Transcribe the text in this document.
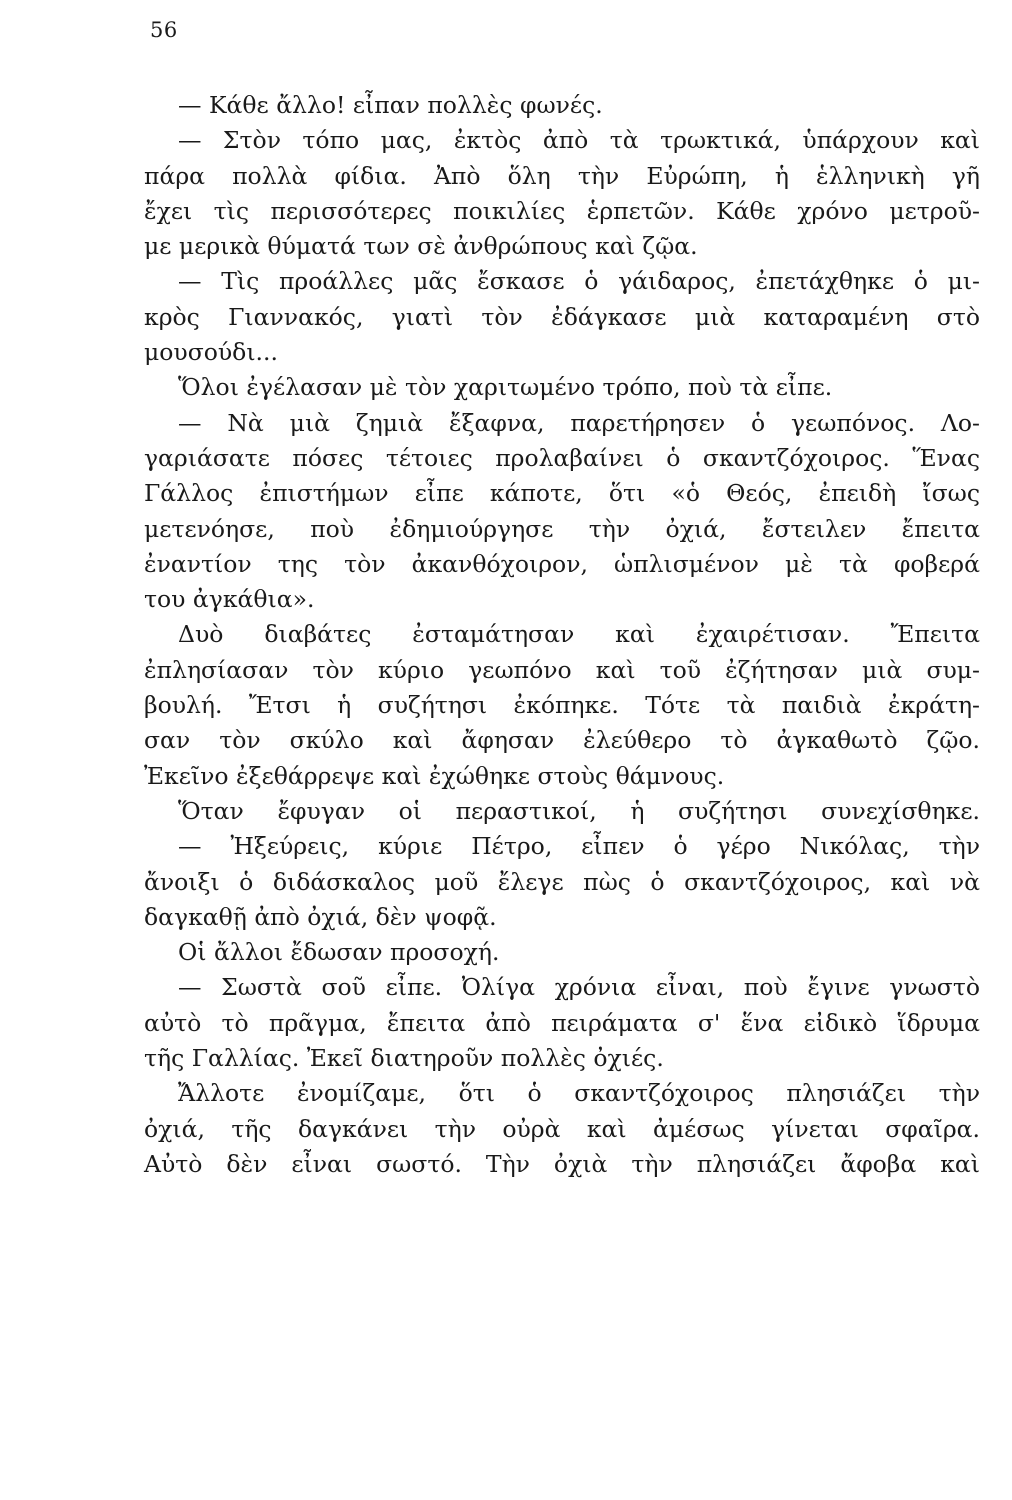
56
— Κάθε ἄλλο! εἶπαν πολλὲς φωνές.
— Στὸν τόπο μας, ἐκτὸς ἀπὸ τὰ τρωκτικά, ὑπάρχουν καὶ
πάρα πολλὰ φίδια. Ἀπὸ ὅλη τὴν Εὐρώπη, ἡ ἑλληνικὴ γῆ
ἔχει τὶς περισσότερες ποικιλίες ἑρπετῶν. Κάθε χρόνο μετροῦ-
με μερικὰ θύματά των σὲ ἀνθρώπους καὶ ζῷα.
— Τὶς προάλλες μᾶς ἔσκασε ὁ γάιδαρος, ἐπετάχθηκε ὁ μι-
κρὸς Γιαννακός, γιατὶ τὸν ἐδάγκασε μιὰ καταραμένη στὸ
μουσούδι...
Ὅλοι ἐγέλασαν μὲ τὸν χαριτωμένο τρόπο, ποὺ τὰ εἶπε.
— Νὰ μιὰ ζημιὰ ἔξαφνα, παρετήρησεν ὁ γεωπόνος. Λο-
γαριάσατε πόσες τέτοιες προλαβαίνει ὁ σκαντζόχοιρος. Ἕνας
Γάλλος ἐπιστήμων εἶπε κάποτε, ὅτι «ὁ Θεός, ἐπειδὴ ἴσως
μετενόησε, ποὺ ἐδημιούργησε τὴν ὀχιά, ἔστειλεν ἔπειτα
ἐναντίον της τὸν ἀκανθόχοιρον, ὡπλισμένον μὲ τὰ φοβερά
του ἀγκάθια».
Δυὸ διαβάτες ἐσταμάτησαν καὶ ἐχαιρέτισαν. Ἔπειτα
ἐπλησίασαν τὸν κύριο γεωπόνο καὶ τοῦ ἐζήτησαν μιὰ συμ-
βουλή. Ἔτσι ἡ συζήτησι ἐκόπηκε. Τότε τὰ παιδιὰ ἐκράτη-
σαν τὸν σκύλο καὶ ἄφησαν ἐλεύθερο τὸ ἀγκαθωτὸ ζῷο.
Ἐκεῖνο ἐξεθάρρεψε καὶ ἐχώθηκε στοὺς θάμνους.
Ὅταν ἔφυγαν οἱ περαστικοί, ἡ συζήτησι συνεχίσθηκε.
— Ἠξεύρεις, κύριε Πέτρο, εἶπεν ὁ γέρο Νικόλας, τὴν
ἄνοιξι ὁ διδάσκαλος μοῦ ἔλεγε πὼς ὁ σκαντζόχοιρος, καὶ νὰ
δαγκαθῇ ἀπὸ ὀχιά, δὲν ψοφᾷ.
Οἱ ἄλλοι ἔδωσαν προσοχή.
— Σωστὰ σοῦ εἶπε. Ὀλίγα χρόνια εἶναι, ποὺ ἔγινε γνωστὸ
αὐτὸ τὸ πρᾶγμα, ἔπειτα ἀπὸ πειράματα σ' ἕνα εἰδικὸ ἵδρυμα
τῆς Γαλλίας. Ἐκεῖ διατηροῦν πολλὲς ὀχιές.
Ἄλλοτε ἐνομίζαμε, ὅτι ὁ σκαντζόχοιρος πλησιάζει τὴν
ὀχιά, τῆς δαγκάνει τὴν οὐρὰ καὶ ἀμέσως γίνεται σφαῖρα.
Αὐτὸ δὲν εἶναι σωστό. Τὴν ὀχιὰ τὴν πλησιάζει ἄφοβα καὶ
